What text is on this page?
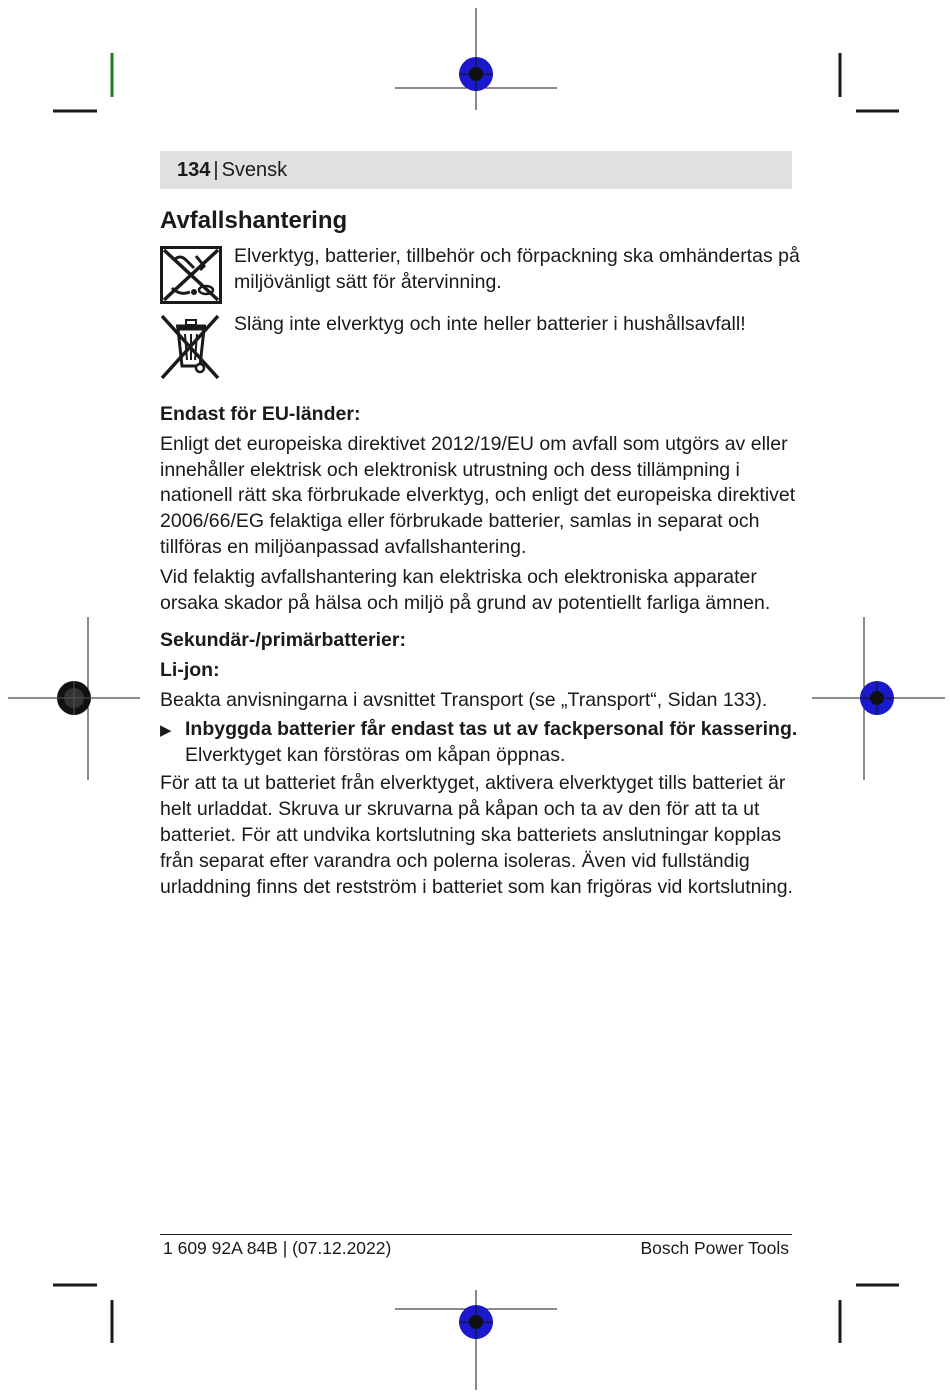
134 | Svensk
Avfallshantering
Elverktyg, batterier, tillbehör och förpackning ska omhändertas på miljövänligt sätt för återvinning.
Släng inte elverktyg och inte heller batterier i hushållsavfall!

Endast för EU-länder:

Enligt det europeiska direktivet 2012/19/EU om avfall som utgörs av eller innehåller elektrisk och elektronisk utrustning och dess tillämpning i nationell rätt ska förbrukade elverktyg, och enligt det europeiska direktivet 2006/66/EG felaktiga eller förbrukade batterier, samlas in separat och tillföras en miljöanpassad avfallshantering.

Vid felaktig avfallshantering kan elektriska och elektroniska apparater orsaka skador på hälsa och miljö på grund av potentiellt farliga ämnen.

Sekundär-/primärbatterier:

Li-jon:

Beakta anvisningarna i avsnittet Transport (se „Transport“, Sidan 133).

▶ Inbyggda batterier får endast tas ut av fackpersonal för kassering.
Elverktyget kan förstöras om kåpan öppnas.

För att ta ut batteriet från elverktyget, aktivera elverktyget tills batteriet är helt urladdat. Skruva ur skruvarna på kåpan och ta av den för att ta ut batteriet. För att undvika kortslutning ska batteriets anslutningar kopplas från separat efter varandra och polerna isoleras. Även vid fullständig urladdning finns det restström i batteriet som kan frigöras vid kortslutning.

1 609 92A 84B | (07.12.2022)	Bosch Power Tools
